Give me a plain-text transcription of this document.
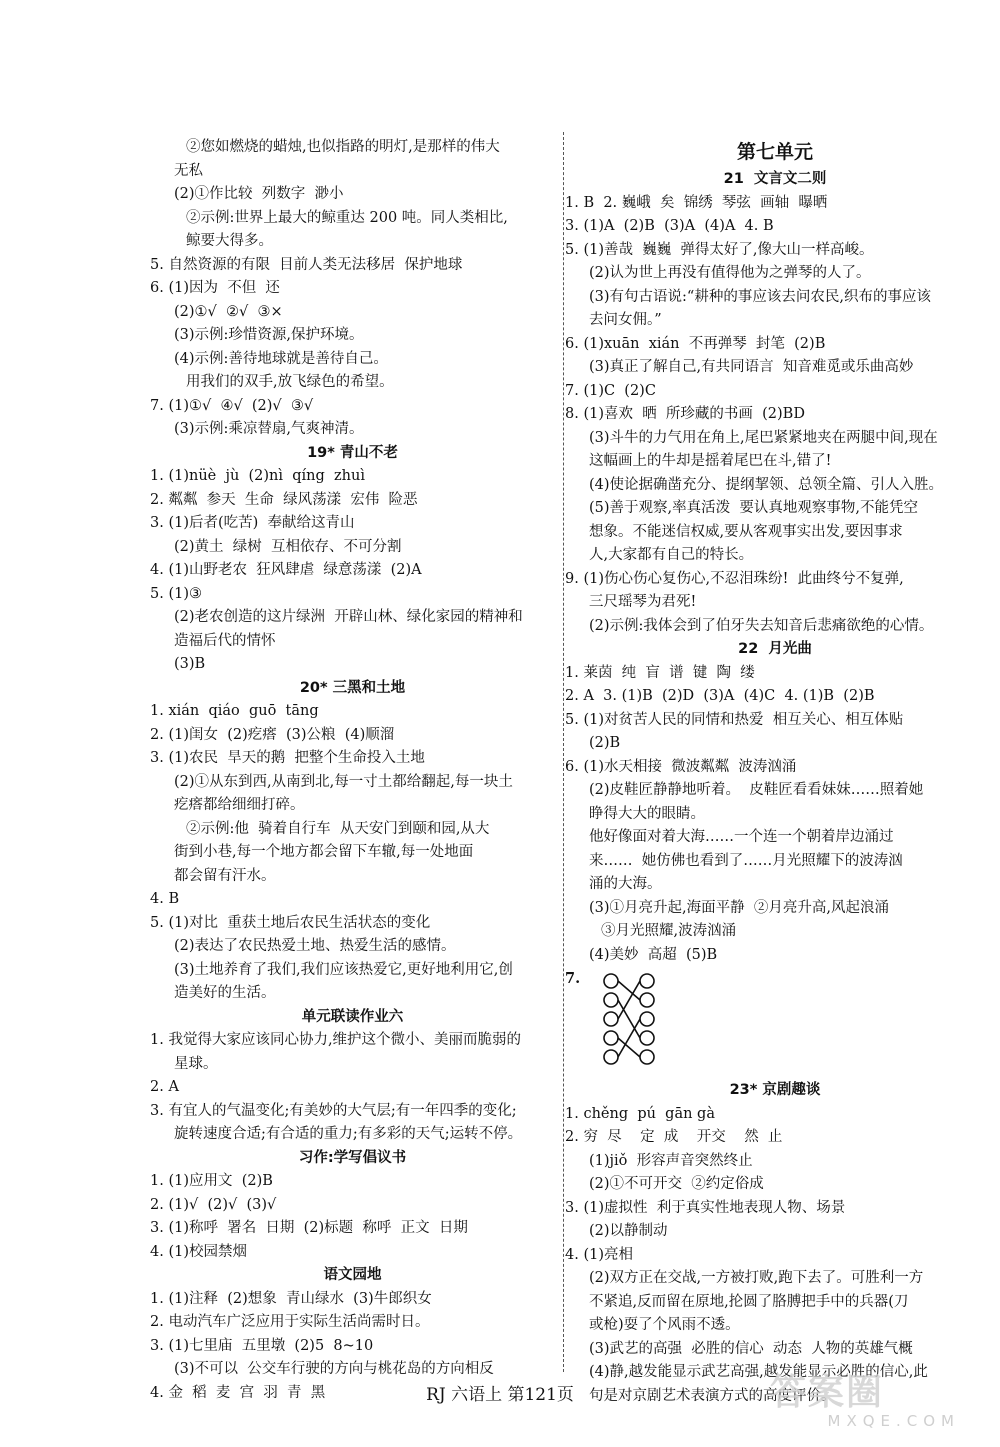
②您如燃烧的蜡烛,也似指路的明灯,是那样的伟大
无私
(2)①作比较  列数字  渺小
②示例:世界上最大的鲸重达 200 吨。同人类相比,
鲸要大得多。
5. 自然资源的有限  目前人类无法移居  保护地球
6. (1)因为  不但  还
(2)①√  ②√  ③×
(3)示例:珍惜资源,保护环境。
(4)示例:善待地球就是善待自己。
用我们的双手,放飞绿色的希望。
7. (1)①√  ④√  (2)√  ③√
(3)示例:乘凉替扇,气爽神清。
19* 青山不老
1. (1)nüè  jù  (2)nì  qíng  zhuì
2. 粼粼  参天  生命  绿风荡漾  宏伟  险恶
3. (1)后者(吃苦)  奉献给这青山
(2)黄土  绿树  互相依存、不可分割
4. (1)山野老农  狂风肆虐  绿意荡漾  (2)A
5. (1)③
(2)老农创造的这片绿洲  开辟山林、绿化家园的精神和
造福后代的情怀
(3)B
20* 三黑和土地
1. xián  qiáo  guō  tāng
2. (1)闺女  (2)疙瘩  (3)公粮  (4)顺溜
3. (1)农民  旱天的鹅  把整个生命投入土地
(2)①从东到西,从南到北,每一寸土都给翻起,每一块土
疙瘩都给细细打碎。
②示例:他  骑着自行车  从天安门到颐和园,从大
街到小巷,每一个地方都会留下车辙,每一处地面
都会留有汗水。
4. B
5. (1)对比  重获土地后农民生活状态的变化
(2)表达了农民热爱土地、热爱生活的感情。
(3)土地养育了我们,我们应该热爱它,更好地利用它,创
造美好的生活。
单元联读作业六
1. 我觉得大家应该同心协力,维护这个微小、美丽而脆弱的
星球。
2. A
3. 有宜人的气温变化;有美妙的大气层;有一年四季的变化;
旋转速度合适;有合适的重力;有多彩的天气;运转不停。
习作:学写倡议书
1. (1)应用文  (2)B
2. (1)√  (2)√  (3)√
3. (1)称呼  署名  日期  (2)标题  称呼  正文  日期
4. (1)校园禁烟
语文园地
1. (1)注释  (2)想象  青山绿水  (3)牛郎织女
2. 电动汽车广泛应用于实际生活尚需时日。
3. (1)七里庙  五里墩  (2)5  8~10
(3)不可以  公交车行驶的方向与桃花岛的方向相反
4. 金  稻  麦  宫  羽  青  黑
第七单元
21  文言文二则
1. B  2. 巍峨  矣  锦绣  琴弦  画轴  曝晒
3. (1)A  (2)B  (3)A  (4)A  4. B
5. (1)善哉  巍巍  弹得太好了,像大山一样高峻。
(2)认为世上再没有值得他为之弹琴的人了。
(3)有句古语说:“耕种的事应该去问农民,织布的事应该
去问女佣。”
6. (1)xuān  xián  不再弹琴  封笔  (2)B
(3)真正了解自己,有共同语言  知音难觅或乐曲高妙
7. (1)C  (2)C
8. (1)喜欢  晒  所珍藏的书画  (2)BD
(3)斗牛的力气用在角上,尾巴紧紧地夹在两腿中间,现在
这幅画上的牛却是摇着尾巴在斗,错了!
(4)使论据确凿充分、提纲挈领、总领全篇、引人入胜。
(5)善于观察,率真活泼  要认真地观察事物,不能凭空
想象。不能迷信权威,要从客观事实出发,要因事求
人,大家都有自己的特长。
9. (1)伤心伤心复伤心,不忍泪珠纷!  此曲终兮不复弹,
三尺瑶琴为君死!
(2)示例:我体会到了伯牙失去知音后悲痛欲绝的心情。
22  月光曲
1. 莱茵  纯  盲  谱  键  陶  缕
2. A  3. (1)B  (2)D  (3)A  (4)C  4. (1)B  (2)B
5. (1)对贫苦人民的同情和热爱  相互关心、相互体贴
(2)B
6. (1)水天相接  微波粼粼  波涛汹涌
(2)皮鞋匠静静地听着。  皮鞋匠看看妹妹……照着她
睁得大大的眼睛。
他好像面对着大海……一个连一个朝着岸边涌过
来……  她仿佛也看到了……月光照耀下的波涛汹
涌的大海。
(3)①月亮升起,海面平静  ②月亮升高,风起浪涌
③月光照耀,波涛汹涌
(4)美妙  高超  (5)B
7.
23* 京剧趣谈
1. chěng  pú  gān gà
2. 穷  尽    定  成    开交    然  止
(1)jiǒ  形容声音突然终止
(2)①不可开交  ②约定俗成
3. (1)虚拟性  利于真实性地表现人物、场景
(2)以静制动
4. (1)亮相
(2)双方正在交战,一方被打败,跑下去了。可胜利一方
不紧追,反而留在原地,抡圆了胳膊把手中的兵器(刀
或枪)耍了个风雨不透。
(3)武艺的高强  必胜的信心  动态  人物的英雄气概
(4)静,越发能显示武艺高强,越发能显示必胜的信心,此
句是对京剧艺术表演方式的高度评价。
RJ 六语上 第121页	答案圈
MXQE.COM
